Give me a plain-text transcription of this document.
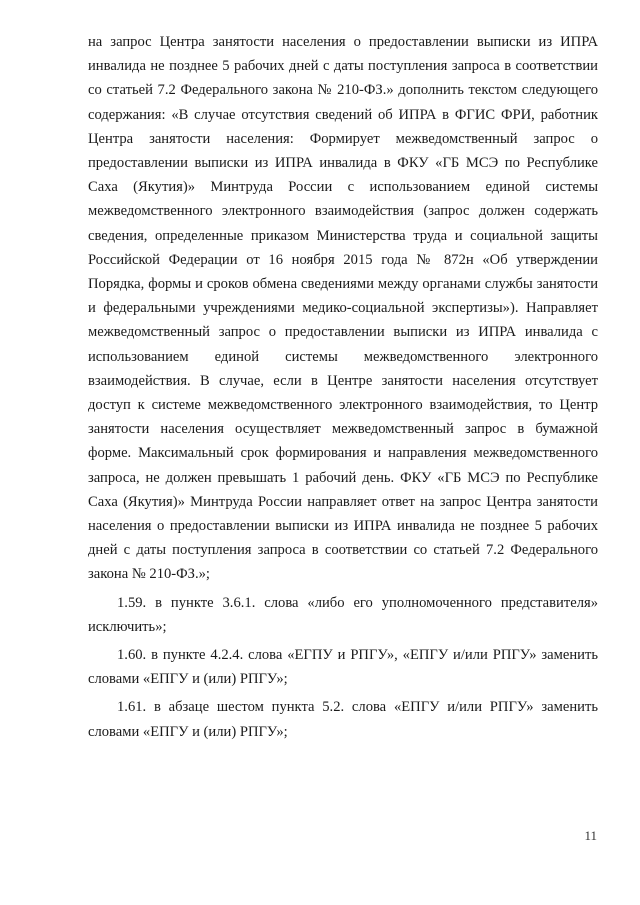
на запрос Центра занятости населения о предоставлении выписки из ИПРА инвалида не позднее 5 рабочих дней с даты поступления запроса в соответствии со статьей 7.2 Федерального закона № 210-ФЗ.» дополнить текстом следующего содержания: «В случае отсутствия сведений об ИПРА в ФГИС ФРИ, работник Центра занятости населения: Формирует межведомственный запрос о предоставлении выписки из ИПРА инвалида в ФКУ «ГБ МСЭ по Республике Саха (Якутия)» Минтруда России с использованием единой системы межведомственного электронного взаимодействия (запрос должен содержать сведения, определенные приказом Министерства труда и социальной защиты Российской Федерации от 16 ноября 2015 года № 872н «Об утверждении Порядка, формы и сроков обмена сведениями между органами службы занятости и федеральными учреждениями медико-социальной экспертизы»). Направляет межведомственный запрос о предоставлении выписки из ИПРА инвалида с использованием единой системы межведомственного электронного взаимодействия. В случае, если в Центре занятости населения отсутствует доступ к системе межведомственного электронного взаимодействия, то Центр занятости населения осуществляет межведомственный запрос в бумажной форме. Максимальный срок формирования и направления межведомственного запроса, не должен превышать 1 рабочий день. ФКУ «ГБ МСЭ по Республике Саха (Якутия)» Минтруда России направляет ответ на запрос Центра занятости населения о предоставлении выписки из ИПРА инвалида не позднее 5 рабочих дней с даты поступления запроса в соответствии со статьей 7.2 Федерального закона № 210-ФЗ.»;

1.59. в пункте 3.6.1. слова «либо его уполномоченного представителя» исключить»;

1.60. в пункте 4.2.4. слова «ЕГПУ и РПГУ», «ЕПГУ и/или РПГУ» заменить словами «ЕПГУ и (или) РПГУ»;

1.61. в абзаце шестом пункта 5.2. слова «ЕПГУ и/или РПГУ» заменить словами «ЕПГУ и (или) РПГУ»;

11
